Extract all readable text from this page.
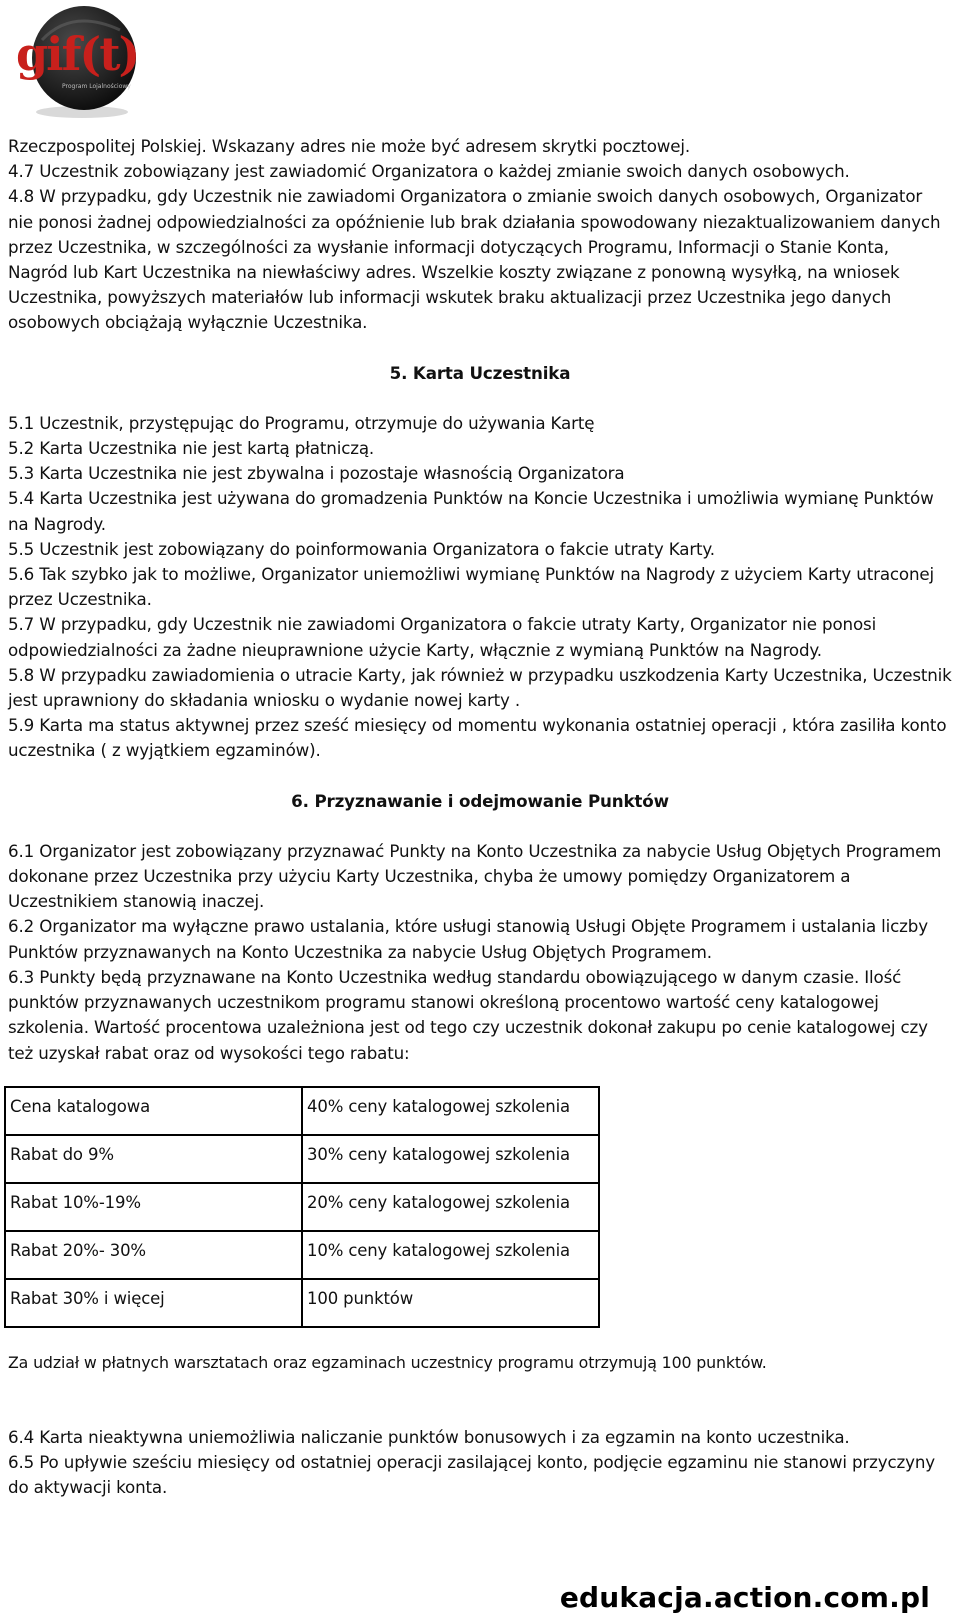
gif(t)
Program Lojalnościowy

Rzeczpospolitej Polskiej. Wskazany adres nie może być adresem skrytki pocztowej.

4.7 Uczestnik zobowiązany jest zawiadomić Organizatora o każdej zmianie swoich danych osobowych.

4.8 W przypadku, gdy Uczestnik nie zawiadomi Organizatora o zmianie swoich danych osobowych, Organizator nie ponosi żadnej odpowiedzialności za opóźnienie lub brak działania spowodowany niezaktualizowaniem danych przez Uczestnika, w szczególności za wysłanie informacji dotyczących Programu, Informacji o Stanie Konta, Nagród lub Kart Uczestnika na niewłaściwy adres. Wszelkie koszty związane z ponowną wysyłką, na wniosek Uczestnika, powyższych materiałów lub informacji wskutek braku aktualizacji przez Uczestnika jego danych osobowych obciążają wyłącznie Uczestnika.

5. Karta Uczestnika

5.1 Uczestnik, przystępując do Programu, otrzymuje do używania Kartę

5.2 Karta Uczestnika nie jest kartą płatniczą.

5.3 Karta Uczestnika nie jest zbywalna i pozostaje własnością Organizatora

5.4 Karta Uczestnika jest używana do gromadzenia Punktów na Koncie Uczestnika i umożliwia wymianę Punktów na Nagrody.

5.5 Uczestnik jest zobowiązany do poinformowania Organizatora o fakcie utraty Karty.

5.6 Tak szybko jak to możliwe, Organizator uniemożliwi wymianę Punktów na Nagrody z użyciem Karty utraconej przez Uczestnika.

5.7 W przypadku, gdy Uczestnik nie zawiadomi Organizatora o fakcie utraty Karty, Organizator nie ponosi odpowiedzialności za żadne nieuprawnione użycie Karty, włącznie z wymianą Punktów na Nagrody.

5.8 W przypadku zawiadomienia o utracie Karty, jak również w przypadku uszkodzenia Karty Uczestnika, Uczestnik jest uprawniony do składania wniosku o wydanie nowej karty .

5.9 Karta ma status aktywnej przez sześć miesięcy od momentu wykonania ostatniej operacji , która zasiliła konto uczestnika ( z wyjątkiem egzaminów).

6. Przyznawanie i odejmowanie Punktów

6.1 Organizator jest zobowiązany przyznawać Punkty na Konto Uczestnika za nabycie Usług Objętych Programem dokonane przez Uczestnika przy użyciu Karty Uczestnika, chyba że umowy pomiędzy Organizatorem a Uczestnikiem stanowią inaczej.

6.2 Organizator ma wyłączne prawo ustalania, które usługi stanowią Usługi Objęte Programem i ustalania liczby Punktów przyznawanych na Konto Uczestnika za nabycie Usług Objętych Programem.

6.3 Punkty będą przyznawane na Konto Uczestnika według standardu obowiązującego w danym czasie. Ilość punktów przyznawanych uczestnikom programu stanowi określoną procentowo wartość ceny katalogowej szkolenia. Wartość procentowa uzależniona jest od tego czy uczestnik dokonał zakupu po cenie katalogowej czy też uzyskał rabat oraz od wysokości tego rabatu:

Cena katalogowa	40% ceny katalogowej szkolenia
Rabat do 9%	30% ceny katalogowej szkolenia
Rabat 10%-19%	20% ceny katalogowej szkolenia
Rabat 20%- 30%	10% ceny katalogowej szkolenia
Rabat 30% i więcej	100 punktów

Za udział w płatnych warsztatach oraz egzaminach uczestnicy programu otrzymują 100 punktów.

6.4 Karta nieaktywna uniemożliwia naliczanie punktów bonusowych i za egzamin na konto uczestnika.

6.5 Po upływie sześciu miesięcy od ostatniej operacji zasilającej konto, podjęcie egzaminu nie stanowi przyczyny do aktywacji konta.

edukacja.action.com.pl
